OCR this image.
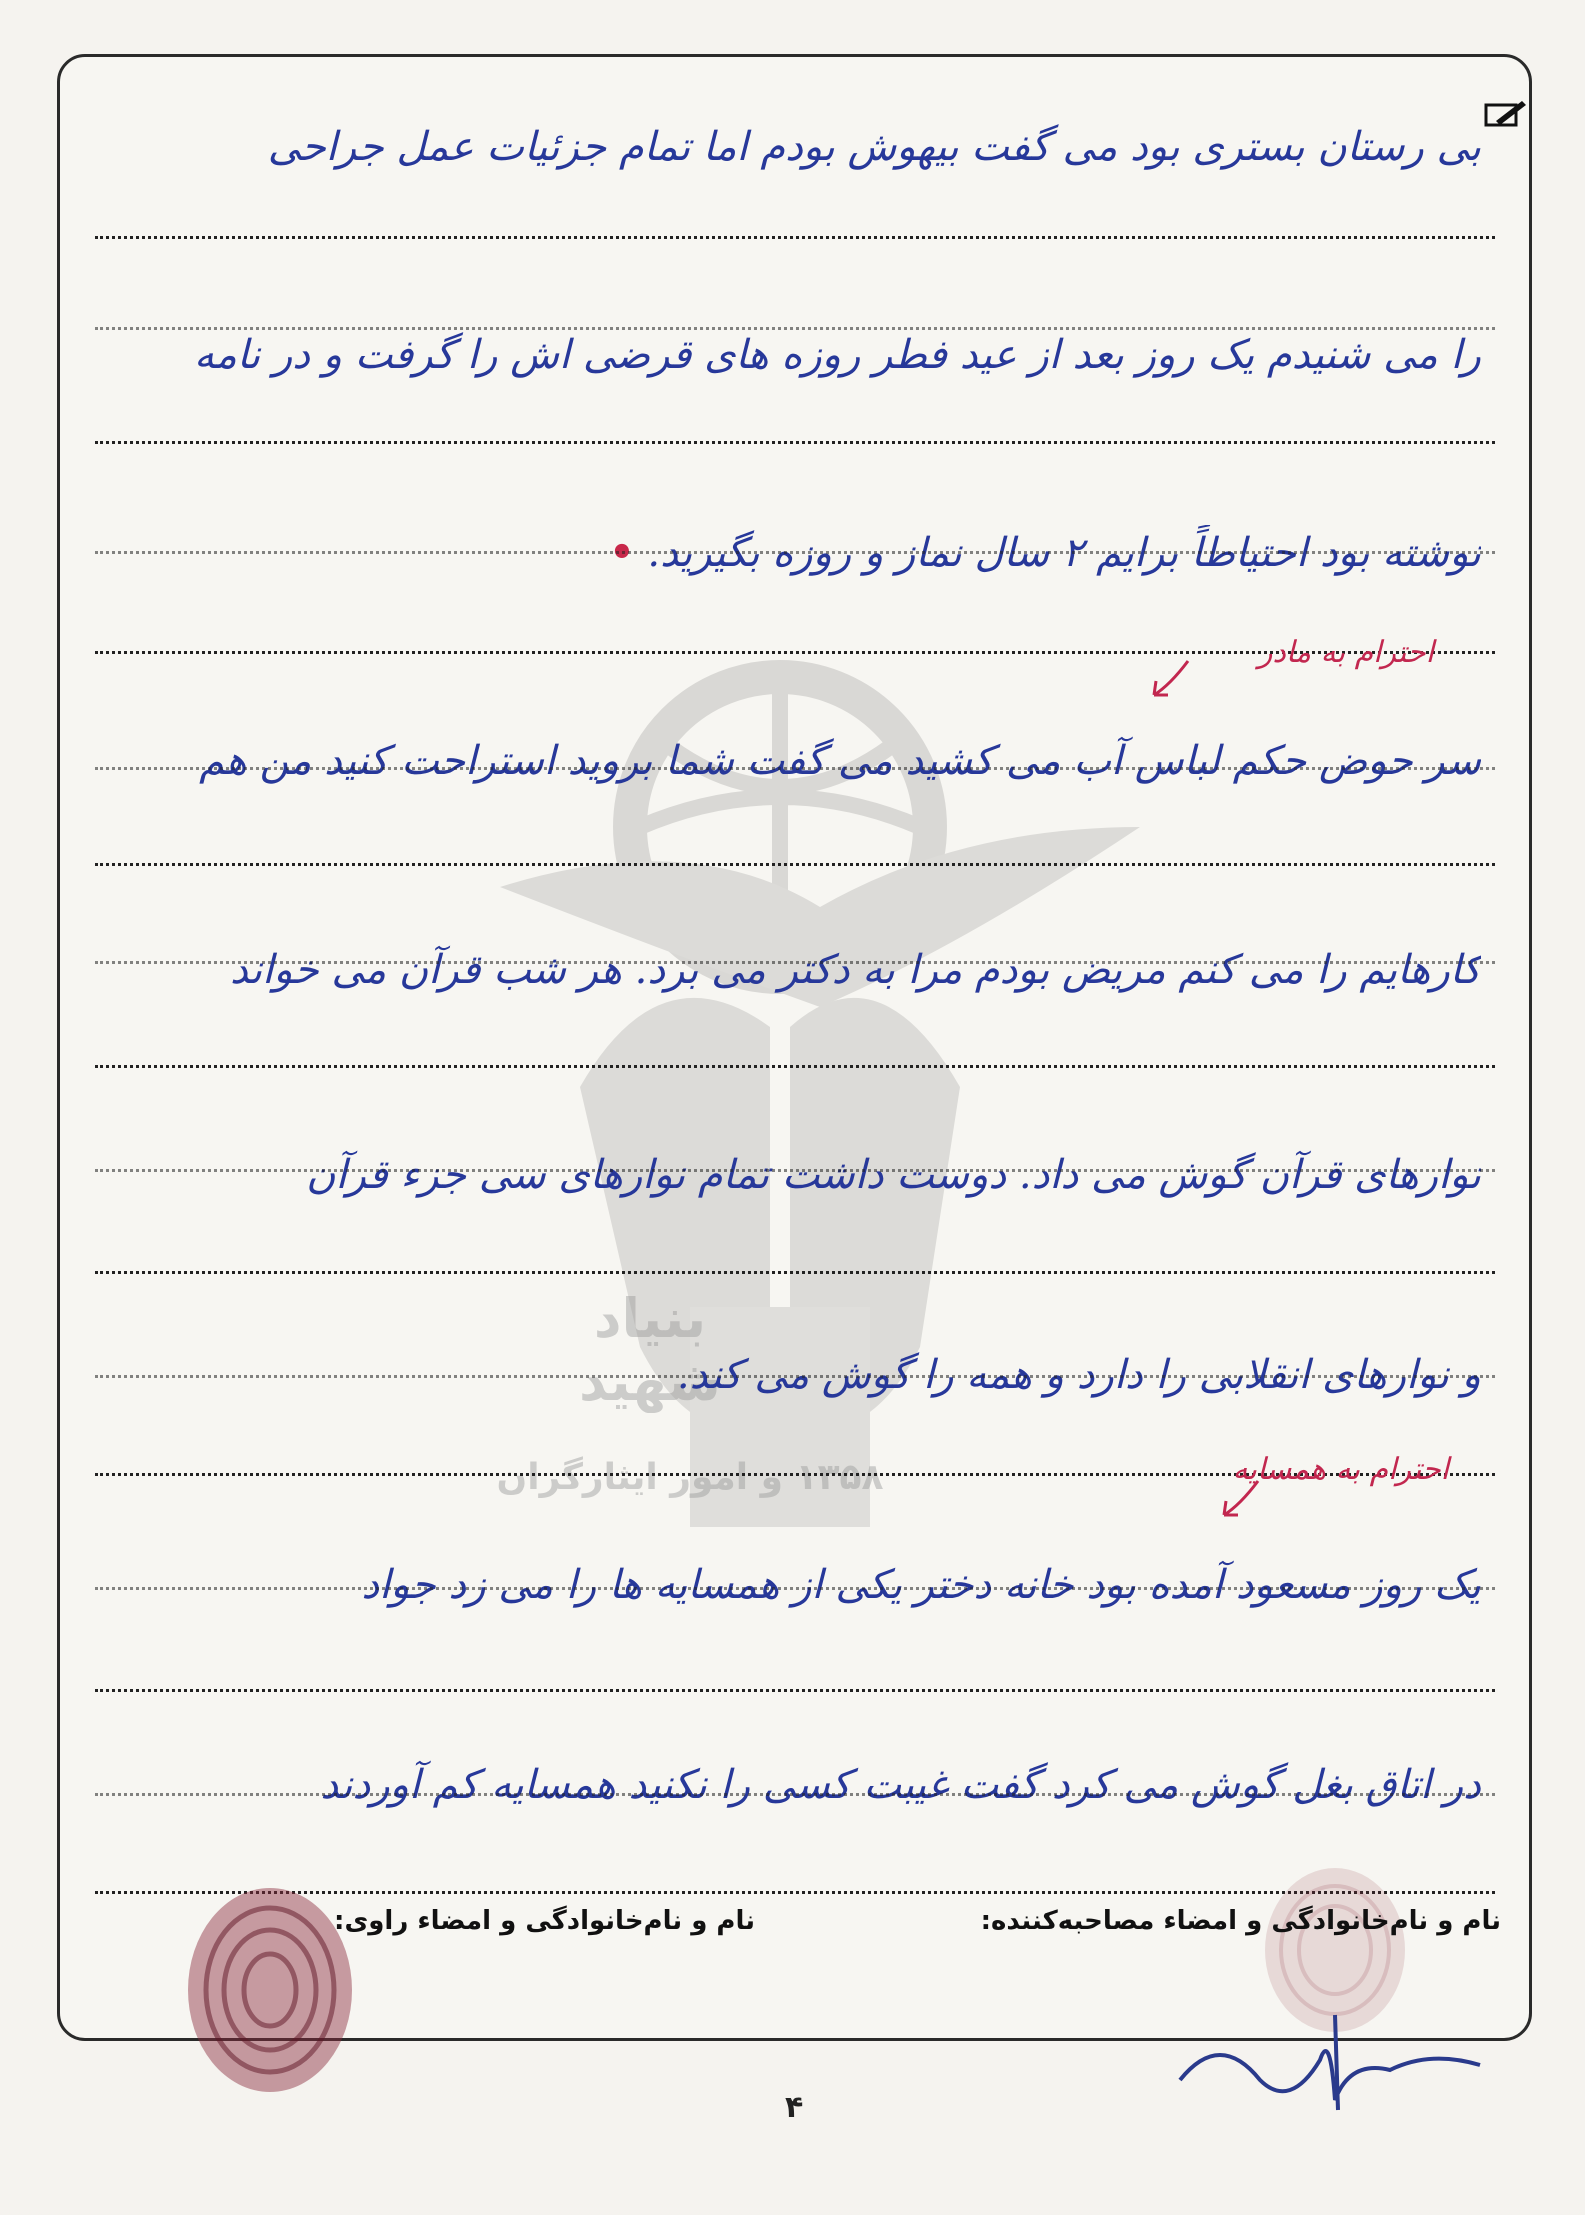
بنیاد شهید
۱۳۵۸ و امور ایثارگران
بی رستان بستری بود می گفت بیهوش بودم اما تمام جزئیات عمل جراحی
را می شنیدم یک روز بعد از عید فطر روزه های قرضی اش را گرفت و در نامه
نوشته بود احتیاطاً برایم ۲ سال نماز و روزه بگیرید. •
احترام به مادر
سر حوض حکم لباس آب می کشید می گفت شما بروید استراحت کنید من هم
کارهایم را می کنم مریض بودم مرا به دکتر می برد. هر شب قرآن می خواند
نوارهای قرآن گوش می داد. دوست داشت تمام نوارهای سی جزء قرآن
و نوارهای انقلابی را دارد و همه را گوش می کند.
احترام به همسایه
یک روز مسعود آمده بود خانه دختر یکی از همسایه ها را می زد جواد
در اتاق بغل گوش می کرد گفت غیبت کسی را نکنید همسایه کم آوردند
نام و نام‌خانوادگی و امضاء مصاحبه‌کننده:
نام و نام‌خانوادگی و امضاء راوی:
۴
